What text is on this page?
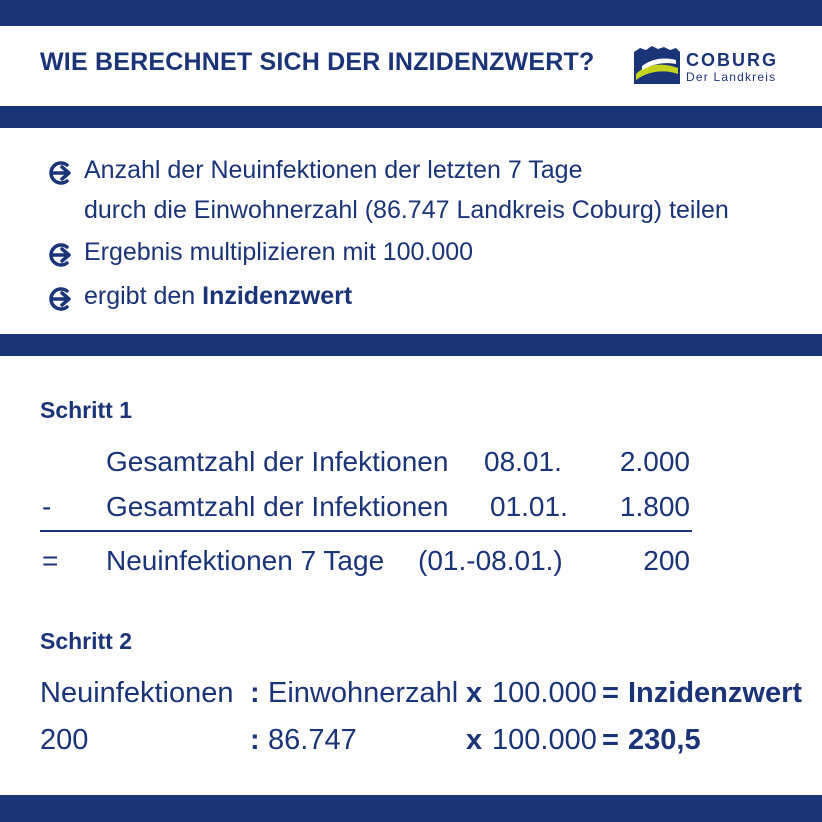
WIE BERECHNET SICH DER INZIDENZWERT?	COBURG
Der Landkreis
Anzahl der Neuinfektionen der letzten 7 Tage
durch die Einwohnerzahl (86.747 Landkreis Coburg) teilen
Ergebnis multiplizieren mit 100.000
ergibt den Inzidenzwert
Schritt 1
Gesamtzahl der Infektionen 08.01.	2.000
- Gesamtzahl der Infektionen 01.01.	1.800
= Neuinfektionen 7 Tage (01.-08.01.)	200
Schritt 2
Neuinfektionen : Einwohnerzahl x 100.000 = Inzidenzwert
200	: 86.747	x 100.000 = 230,5
